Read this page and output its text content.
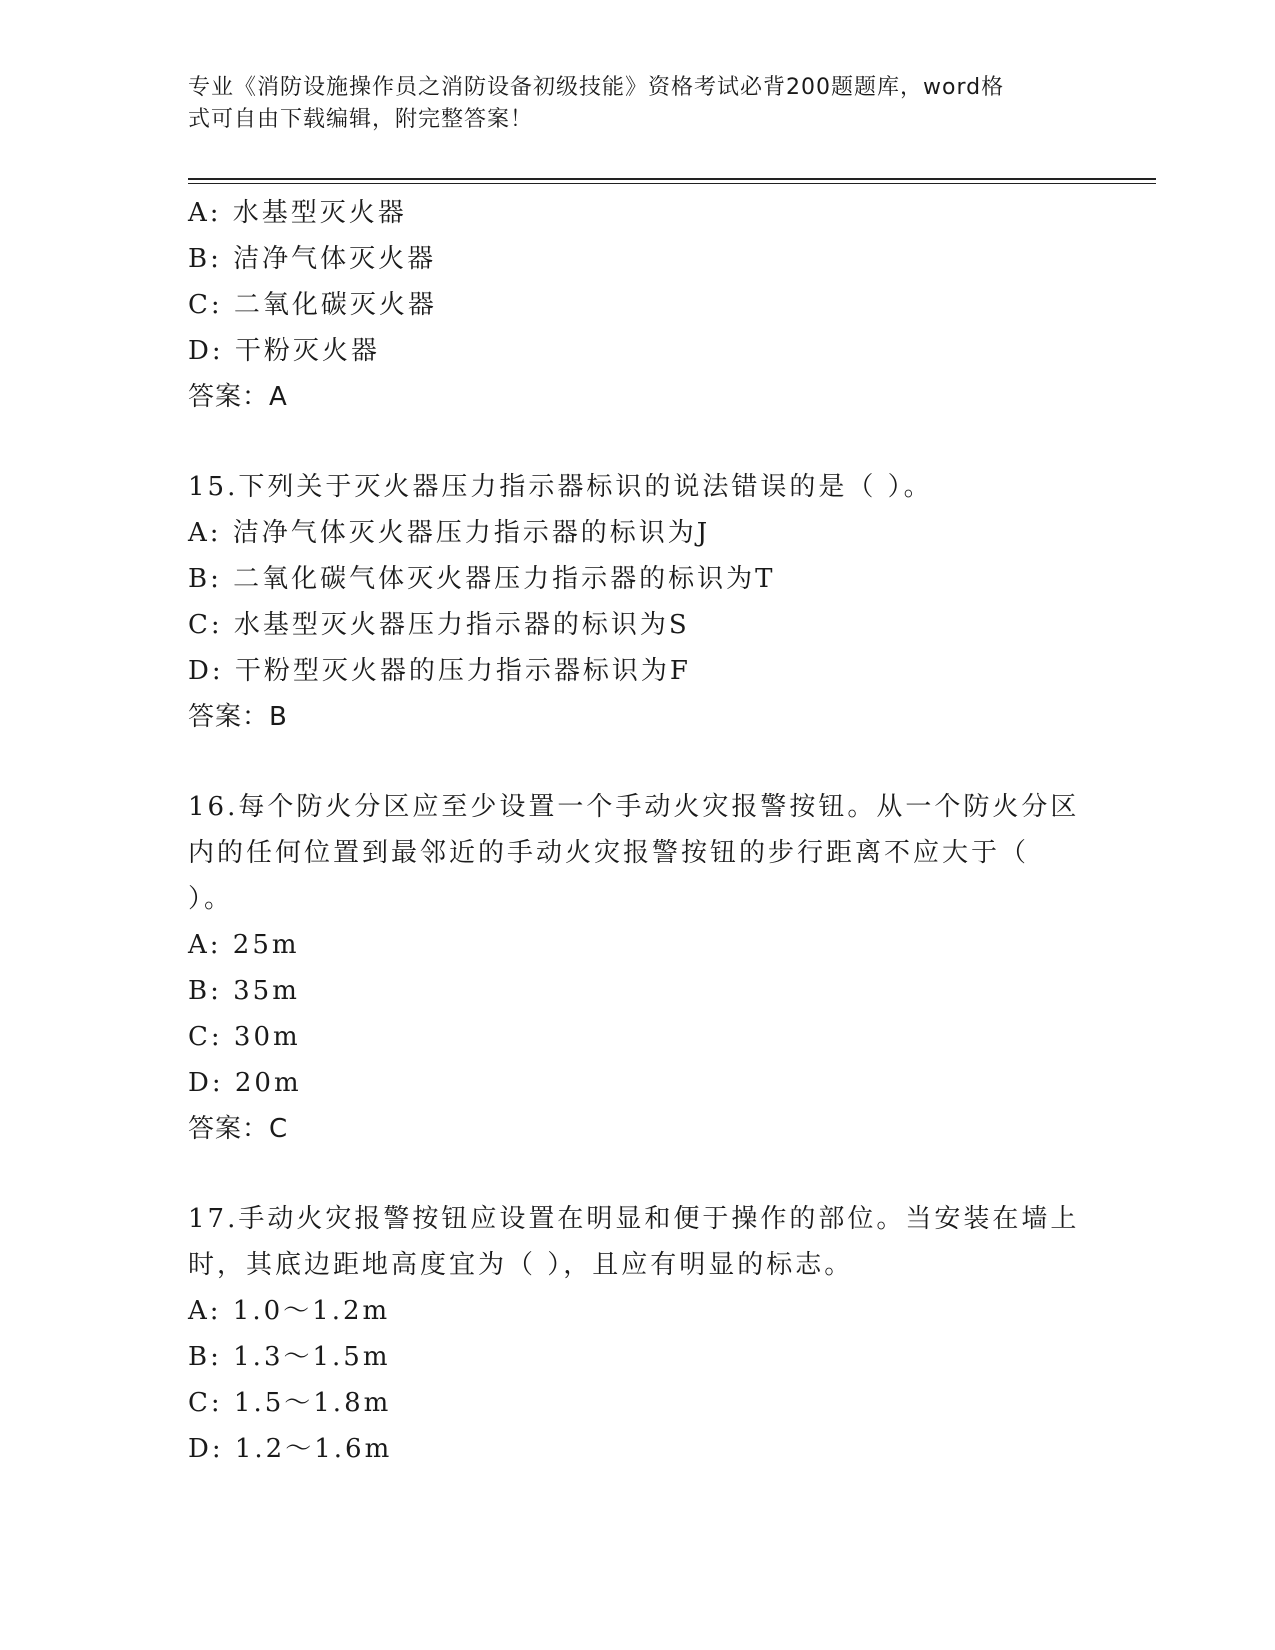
专业《消防设施操作员之消防设备初级技能》资格考试必背200题题库，word格
式可自由下载编辑，附完整答案！
A: 水基型灭火器
B: 洁净气体灭火器
C: 二氧化碳灭火器
D: 干粉灭火器
答案：A
15.下列关于灭火器压力指示器标识的说法错误的是（ ）。
A: 洁净气体灭火器压力指示器的标识为J
B: 二氧化碳气体灭火器压力指示器的标识为T
C: 水基型灭火器压力指示器的标识为S
D: 干粉型灭火器的压力指示器标识为F
答案：B
16.每个防火分区应至少设置一个手动火灾报警按钮。从一个防火分区
内的任何位置到最邻近的手动火灾报警按钮的步行距离不应大于（
）。
A: 25m
B: 35m
C: 30m
D: 20m
答案：C
17.手动火灾报警按钮应设置在明显和便于操作的部位。当安装在墙上
时，其底边距地高度宜为（ ），且应有明显的标志。
A: 1.0～1.2m
B: 1.3～1.5m
C: 1.5～1.8m
D: 1.2～1.6m
